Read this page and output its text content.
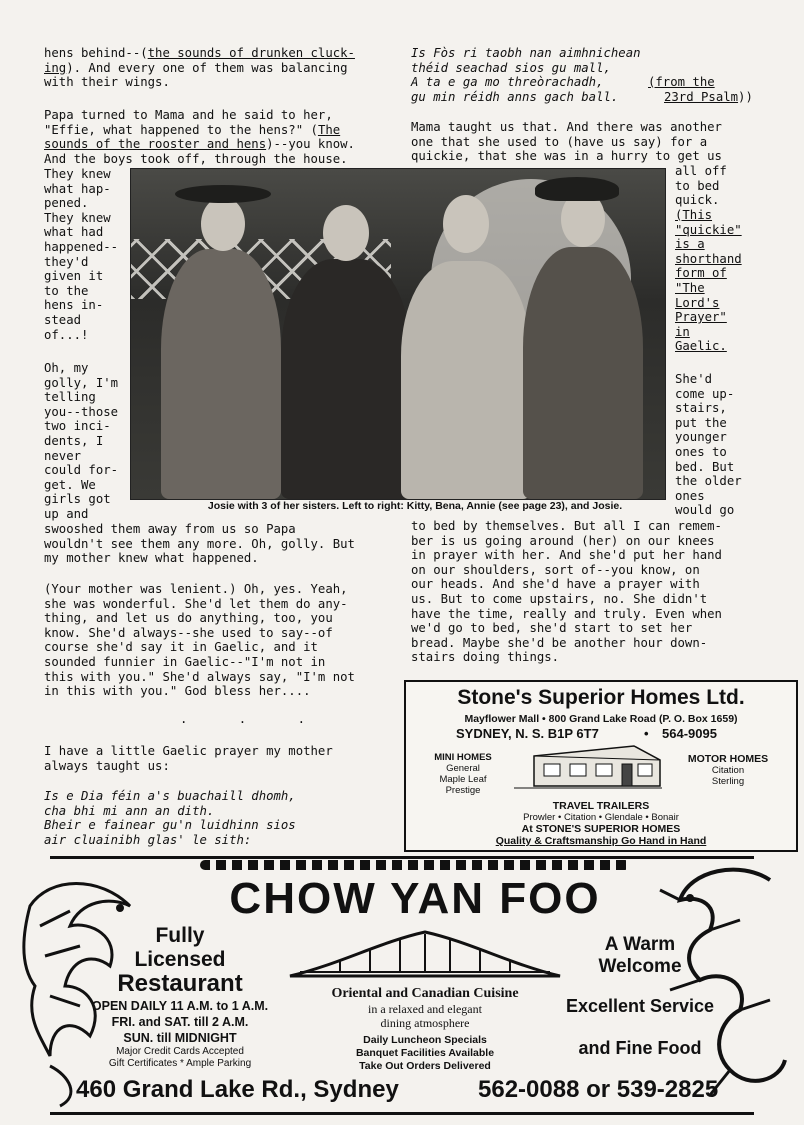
hens behind--(the sounds of drunken cluck-
ing). And every one of them was balancing
with their wings.
Papa turned to Mama and he said to her,
"Effie, what happened to the hens?" (The
sounds of the rooster and hens)--you know.
And the boys took off, through the house.
They knew
what hap-
pened.
They knew
what had
happened--
they'd
given it
to the
hens in-
stead
of...!
Oh, my
golly, I'm
telling
you--those
two inci-
dents, I
never
could for-
get. We
girls got
up and
swooshed them away from us so Papa
wouldn't see them any more. Oh, golly. But
my mother knew what happened.
(Your mother was lenient.) Oh, yes. Yeah,
she was wonderful. She'd let them do any-
thing, and let us do anything, too, you
know. She'd always--she used to say--of
course she'd say it in Gaelic, and it
sounded funnier in Gaelic--"I'm not in
this with you." She'd always say, "I'm not
in this with you." God bless her....
. . .
I have a little Gaelic prayer my mother
always taught us:
Is e Dia féin a's buachaill dhomh,
cha bhi mi ann an dith.
Bheir e fainear gu'n luidhinn sios
air cluainibh glas' le sith:
Is Fòs ri taobh nan aimhnichean
théid seachad sios gu mall,
A ta e ga mo threòrachadh,
gu min réidh anns gach ball.
(from the
23rd Psalm))
Mama taught us that. And there was another
one that she used to (have us say) for a
quickie, that she was in a hurry to get us
all off
to bed
quick.
(This
"quickie"
is a
shorthand
form of
"The
Lord's
Prayer"
in
Gaelic.
She'd
come up-
stairs,
put the
younger
ones to
bed. But
the older
ones
would go
to bed by themselves. But all I can remem-
ber is us going around (her) on our knees
in prayer with her. And she'd put her hand
on our shoulders, sort of--you know, on
our heads. And she'd have a prayer with
us. But to come upstairs, no. She didn't
have the time, really and truly. Even when
we'd go to bed, she'd start to set her
bread. Maybe she'd be another hour down-
stairs doing things.
Josie with 3 of her sisters. Left to right: Kitty, Bena, Annie (see page 23), and Josie.
Stone's Superior Homes Ltd.
Mayflower Mall • 800 Grand Lake Road (P. O. Box 1659)
SYDNEY, N. S. B1P 6T7	• 564-9095
MINI HOMES
General
Maple Leaf
Prestige
MOTOR HOMES
Citation
Sterling
TRAVEL TRAILERS
Prowler • Citation • Glendale • Bonair
At STONE'S SUPERIOR HOMES
Quality & Craftsmanship Go Hand in Hand
CHOW YAN FOO
Fully
Licensed
Restaurant
OPEN DAILY 11 A.M. to 1 A.M.
FRI. and SAT. till 2 A.M.
SUN. till MIDNIGHT
Major Credit Cards Accepted
Gift Certificates * Ample Parking
Oriental and Canadian Cuisine
in a relaxed and elegant
dining atmosphere
Daily Luncheon Specials
Banquet Facilities Available
Take Out Orders Delivered
A Warm
Welcome
Excellent Service
and Fine Food
460 Grand Lake Rd., Sydney	562-0088 or 539-2825
